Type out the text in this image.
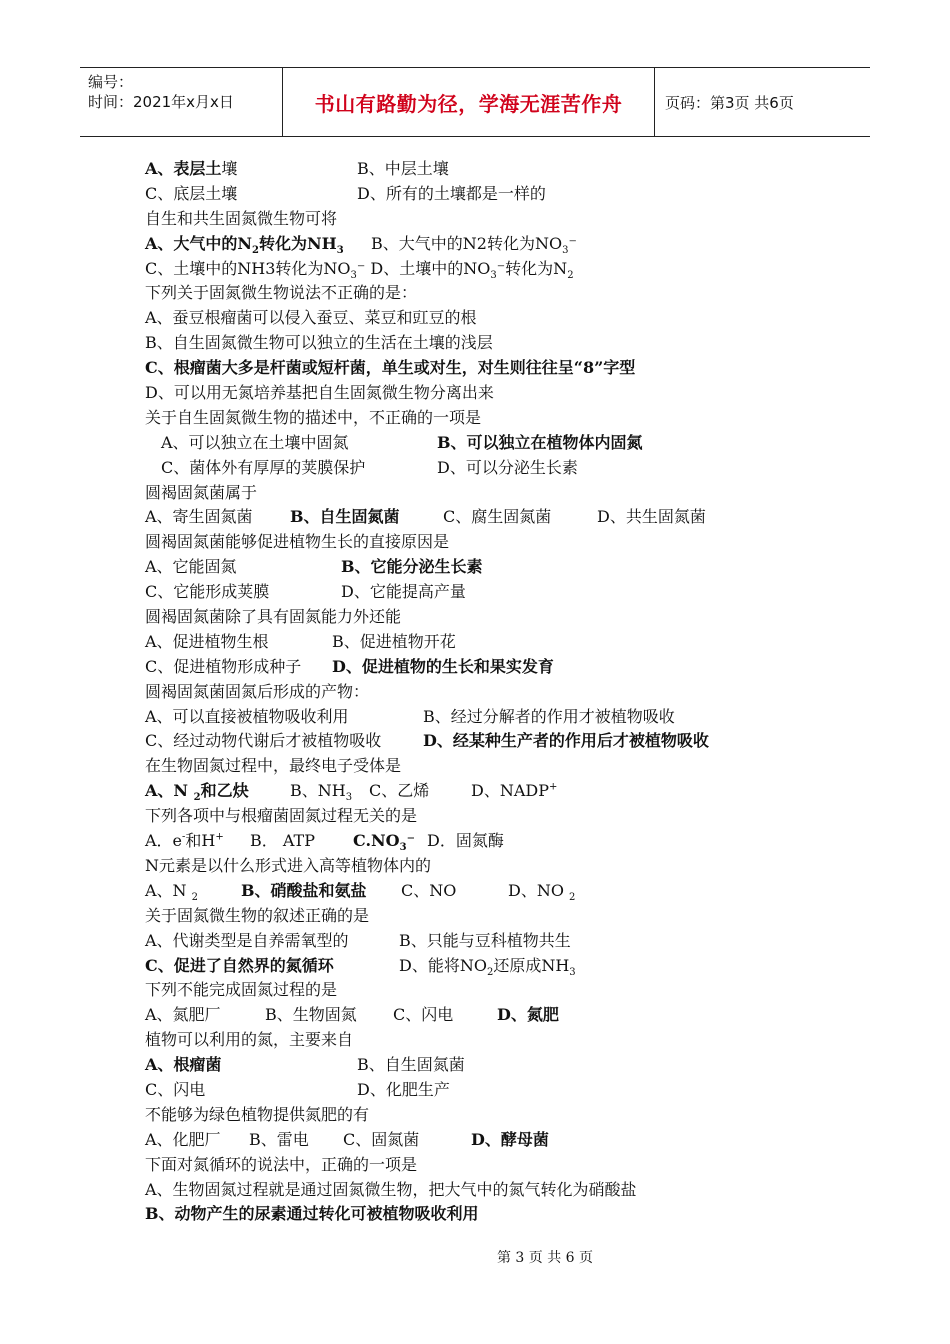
编号：
时间：2021年x月x日	书山有路勤为径，学海无涯苦作舟	页码：第3页 共6页
A、表层土壤	B、中层土壤
C、底层土壤	D、所有的土壤都是一样的
自生和共生固氮微生物可将
A、大气中的$N_2$转化为$NH_3$ B、大气中的N2转化为$NO_3^-$
C、土壤中的NH3转化为$NO_3^-$ D、土壤中的$NO_3^-$转化为$N_2$
下列关于固氮微生物说法不正确的是：
A、蚕豆根瘤菌可以侵入蚕豆、菜豆和豇豆的根
B、自生固氮微生物可以独立的生活在土壤的浅层
C、根瘤菌大多是杆菌或短杆菌，单生或对生，对生则往往呈“8”字型
D、可以用无氮培养基把自生固氮微生物分离出来
关于自生固氮微生物的描述中，不正确的一项是
A、可以独立在土壤中固氮	B、可以独立在植物体内固氮
C、菌体外有厚厚的荚膜保护	D、可以分泌生长素
圆褐固氮菌属于
A、寄生固氮菌 B、自生固氮菌	C、腐生固氮菌	D、共生固氮菌
圆褐固氮菌能够促进植物生长的直接原因是
A、它能固氮	B、它能分泌生长素
C、它能形成荚膜	D、它能提高产量
圆褐固氮菌除了具有固氮能力外还能
A、促进植物生根	B、促进植物开花
C、促进植物形成种子 D、促进植物的生长和果实发育
圆褐固氮菌固氮后形成的产物：
A、可以直接被植物吸收利用	B、经过分解者的作用才被植物吸收
C、经过动物代谢后才被植物吸收	D、经某种生产者的作用后才被植物吸收
在生物固氮过程中，最终电子受体是
A、N $_2$和乙炔	B、$NH_3$ C、乙烯	D、NADP+
下列各项中与根瘤菌固氮过程无关的是
A．e-和H+ B． ATP $C.NO_3^-$ D．固氮酶
N元素是以什么形式进入高等植物体内的
A、N $_2$	B、硝酸盐和氨盐 C、NO	D、NO $_2$
关于固氮微生物的叙述正确的是
A、代谢类型是自养需氧型的	B、只能与豆科植物共生
C、促进了自然界的氮循环	D、能将$NO_2$还原成$NH_3$
下列不能完成固氮过程的是
A、氮肥厂	B、生物固氮 C、闪电	D、氮肥
植物可以利用的氮，主要来自
A、根瘤菌	B、自生固氮菌
C、闪电	D、化肥生产
不能够为绿色植物提供氮肥的有
A、化肥厂 B、雷电 C、固氮菌	D、酵母菌
下面对氮循环的说法中，正确的一项是
A、生物固氮过程就是通过固氮微生物，把大气中的氮气转化为硝酸盐
B、动物产生的尿素通过转化可被植物吸收利用
第 3 页 共 6 页
